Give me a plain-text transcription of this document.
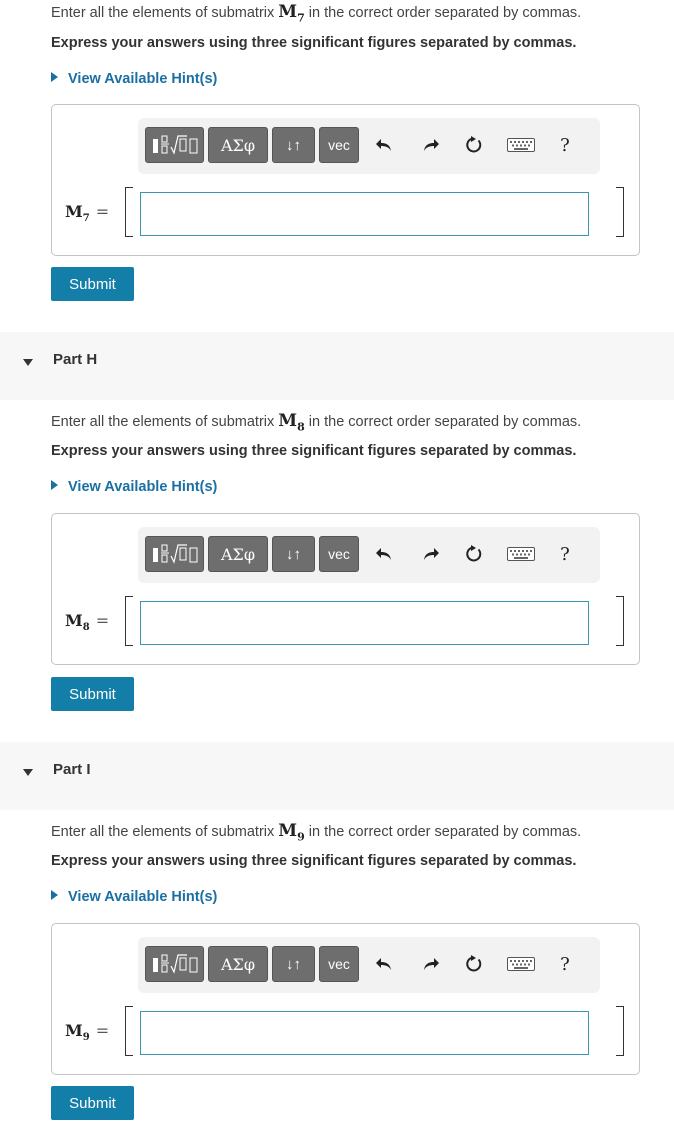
Enter all the elements of submatrix $M_7$ in the correct order separated by commas.
Express your answers using three significant figures separated by commas.
View Available Hint(s)
ΑΣφ	↓↑	vec	?
$M_7$ =
Submit
Part H
Enter all the elements of submatrix $M_8$ in the correct order separated by commas.
Express your answers using three significant figures separated by commas.
View Available Hint(s)
ΑΣφ	↓↑	vec	?
$M_8$ =
Submit
Part I
Enter all the elements of submatrix $M_9$ in the correct order separated by commas.
Express your answers using three significant figures separated by commas.
View Available Hint(s)
ΑΣφ	↓↑	vec	?
$M_9$ =
Submit
